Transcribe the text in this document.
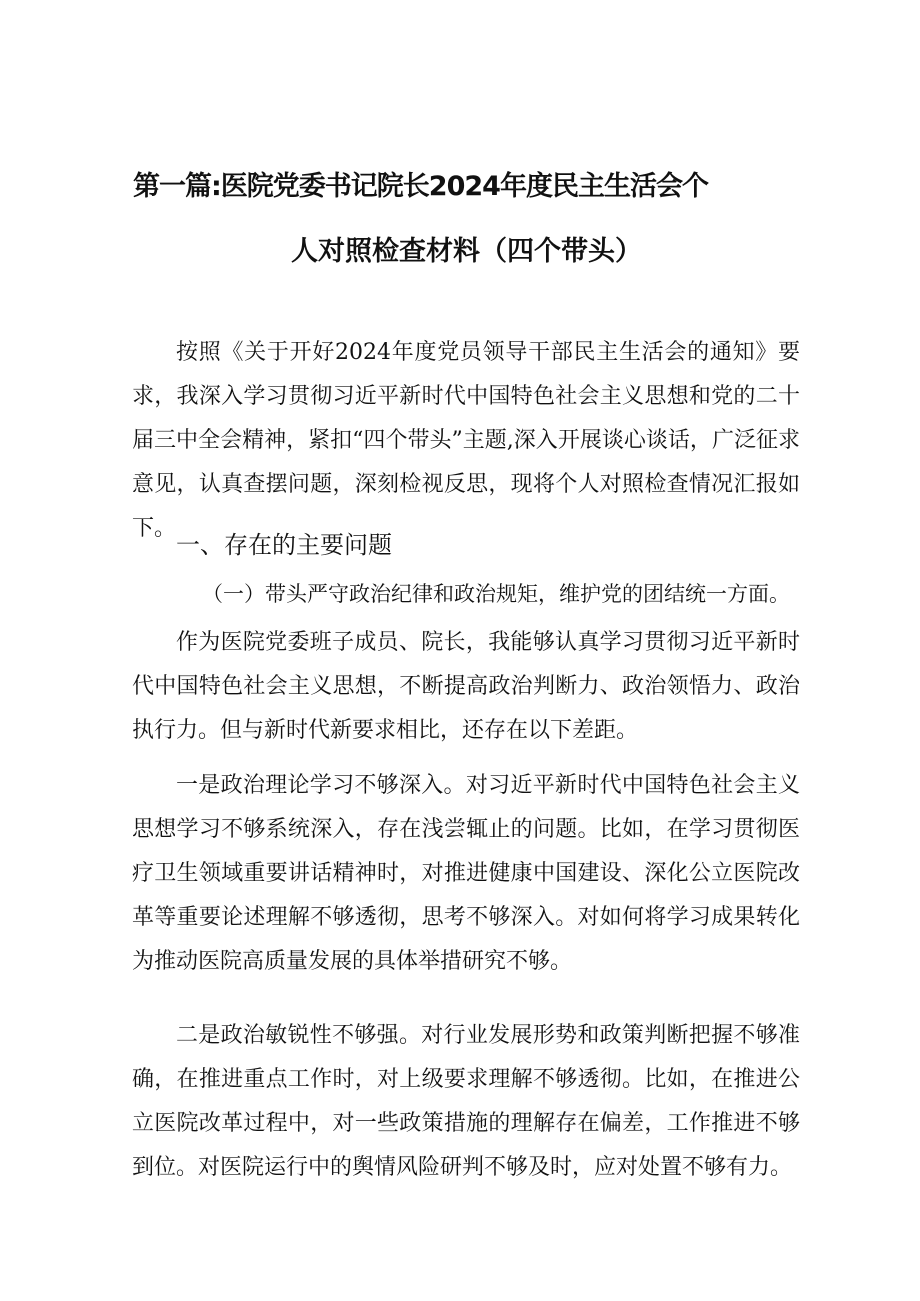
第一篇:医院党委书记院长2024年度民主生活会个
人对照检查材料（四个带头）
按照《关于开好2024年度党员领导干部民主生活会的通知》要求，我深入学习贯彻习近平新时代中国特色社会主义思想和党的二十届三中全会精神，紧扣“四个带头”主题,深入开展谈心谈话，广泛征求意见，认真查摆问题，深刻检视反思，现将个人对照检查情况汇报如下。
一、存在的主要问题
（一）带头严守政治纪律和政治规矩，维护党的团结统一方面。
作为医院党委班子成员、院长，我能够认真学习贯彻习近平新时代中国特色社会主义思想，不断提高政治判断力、政治领悟力、政治执行力。但与新时代新要求相比，还存在以下差距。
一是政治理论学习不够深入。对习近平新时代中国特色社会主义思想学习不够系统深入，存在浅尝辄止的问题。比如，在学习贯彻医疗卫生领域重要讲话精神时，对推进健康中国建设、深化公立医院改革等重要论述理解不够透彻，思考不够深入。对如何将学习成果转化为推动医院高质量发展的具体举措研究不够。
二是政治敏锐性不够强。对行业发展形势和政策判断把握不够准确，在推进重点工作时，对上级要求理解不够透彻。比如，在推进公立医院改革过程中，对一些政策措施的理解存在偏差，工作推进不够到位。对医院运行中的舆情风险研判不够及时，应对处置不够有力。
